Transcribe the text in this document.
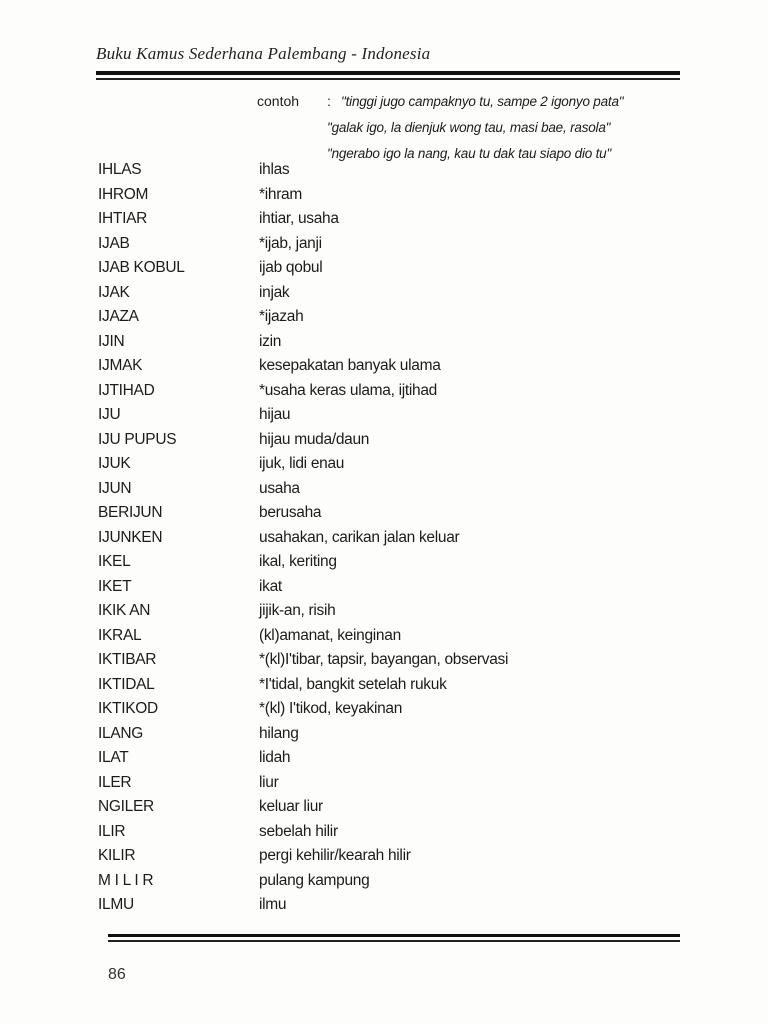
Buku Kamus Sederhana Palembang - Indonesia
contoh : "tinggi jugo campaknyo tu, sampe 2 igonyo pata"
"galak igo, la dienjuk wong tau, masi bae, rasola"
"ngerabo igo la nang, kau tu dak tau siapo dio tu"
IHLAS	ihlas
IHROM	*ihram
IHTIAR	ihtiar, usaha
IJAB	*ijab, janji
IJAB KOBUL	ijab qobul
IJAK	injak
IJAZA	*ijazah
IJIN	izin
IJMAK	kesepakatan banyak ulama
IJTIHAD	*usaha keras ulama, ijtihad
IJU	hijau
IJU PUPUS	hijau muda/daun
IJUK	ijuk, lidi enau
IJUN	usaha
BERIJUN	berusaha
IJUNKEN	usahakan, carikan jalan keluar
IKEL	ikal, keriting
IKET	ikat
IKIK AN	jijik-an, risih
IKRAL	(kl)amanat, keinginan
IKTIBAR	*(kl)I'tibar, tapsir, bayangan, observasi
IKTIDAL	*I'tidal, bangkit setelah rukuk
IKTIKOD	*(kl) I'tikod, keyakinan
ILANG	hilang
ILAT	lidah
ILER	liur
NGILER	keluar liur
ILIR	sebelah hilir
KILIR	pergi kehilir/kearah hilir
M I L I R	pulang kampung
ILMU	ilmu
86
